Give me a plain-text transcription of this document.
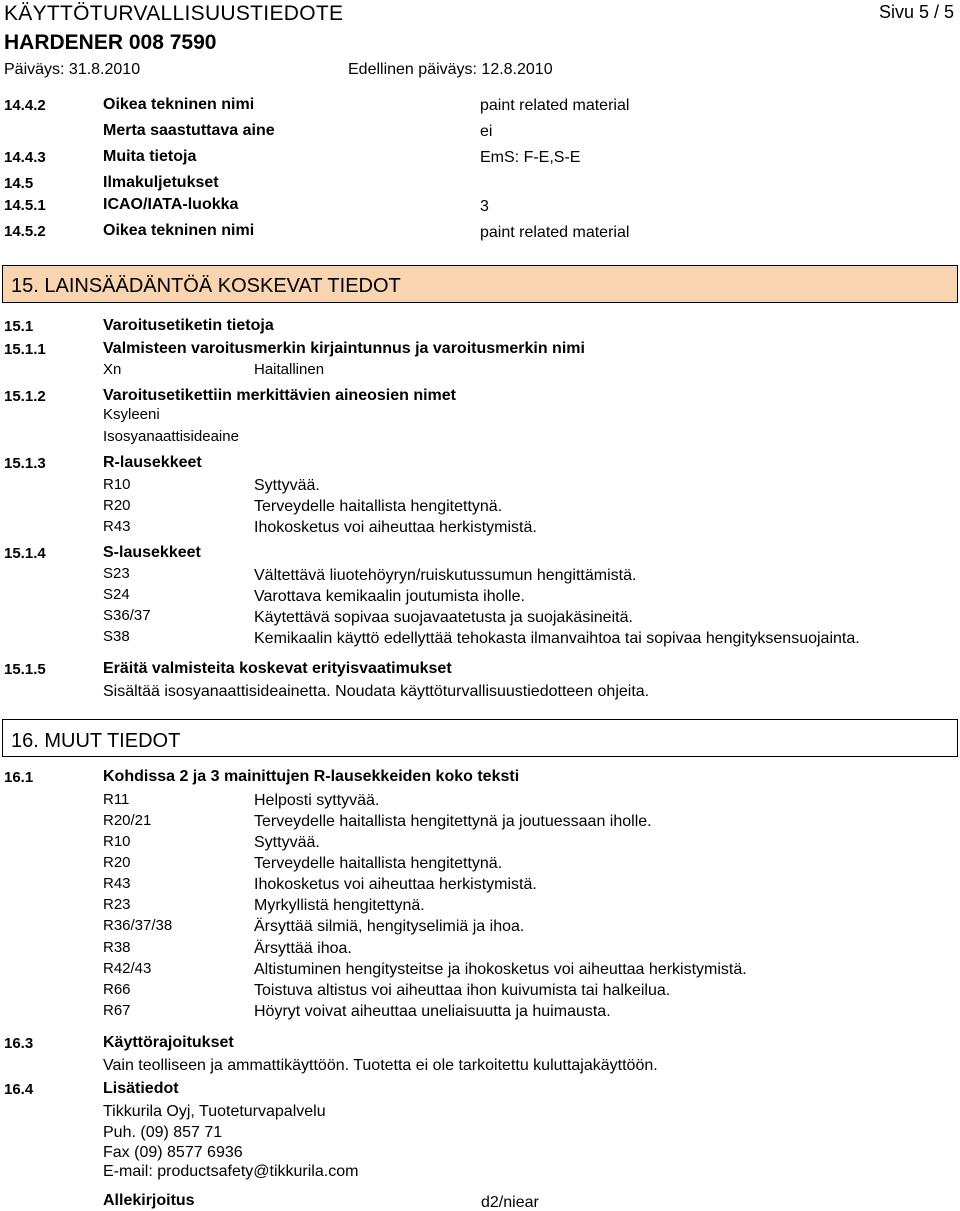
KÄYTTÖTURVALLISUUSTIEDOTE	Sivu 5 / 5
HARDENER 008 7590
Päiväys: 31.8.2010	Edellinen päiväys: 12.8.2010
14.4.2	Oikea tekninen nimi	paint related material
Merta saastuttava aine	ei
14.4.3	Muita tietoja	EmS: F-E,S-E
14.5	Ilmakuljetukset
14.5.1	ICAO/IATA-luokka	3
14.5.2	Oikea tekninen nimi	paint related material
15. LAINSÄÄDÄNTÖÄ KOSKEVAT TIEDOT
15.1	Varoitusetiketin tietoja
15.1.1	Valmisteen varoitusmerkin kirjaintunnus ja varoitusmerkin nimi
Xn	Haitallinen
15.1.2	Varoitusetikettiin merkittävien aineosien nimet
Ksyleeni
Isosyanaattisideaine
15.1.3	R-lausekkeet
R10	Syttyvää.
R20	Terveydelle haitallista hengitettynä.
R43	Ihokosketus voi aiheuttaa herkistymistä.
15.1.4	S-lausekkeet
S23	Vältettävä liuotehöyryn/ruiskutussumun hengittämistä.
S24	Varottava kemikaalin joutumista iholle.
S36/37	Käytettävä sopivaa suojavaatetusta ja suojakäsineitä.
S38	Kemikaalin käyttö edellyttää tehokasta ilmanvaihtoa tai sopivaa hengityksensuojainta.
15.1.5	Eräitä valmisteita koskevat erityisvaatimukset
Sisältää isosyanaattisideainetta. Noudata käyttöturvallisuustiedotteen ohjeita.
16. MUUT TIEDOT
16.1	Kohdissa 2 ja 3 mainittujen R-lausekkeiden koko teksti
R11	Helposti syttyvää.
R20/21	Terveydelle haitallista hengitettynä ja joutuessaan iholle.
R10	Syttyvää.
R20	Terveydelle haitallista hengitettynä.
R43	Ihokosketus voi aiheuttaa herkistymistä.
R23	Myrkyllistä hengitettynä.
R36/37/38	Ärsyttää silmiä, hengityselimiä ja ihoa.
R38	Ärsyttää ihoa.
R42/43	Altistuminen hengitysteitse ja ihokosketus voi aiheuttaa herkistymistä.
R66	Toistuva altistus voi aiheuttaa ihon kuivumista tai halkeilua.
R67	Höyryt voivat aiheuttaa uneliaisuutta ja huimausta.
16.3	Käyttörajoitukset
Vain teolliseen ja ammattikäyttöön. Tuotetta ei ole tarkoitettu kuluttajakäyttöön.
16.4	Lisätiedot
Tikkurila Oyj, Tuoteturvapalvelu
Puh. (09) 857 71
Fax (09) 8577 6936
E-mail: productsafety@tikkurila.com
Allekirjoitus	d2/niear
